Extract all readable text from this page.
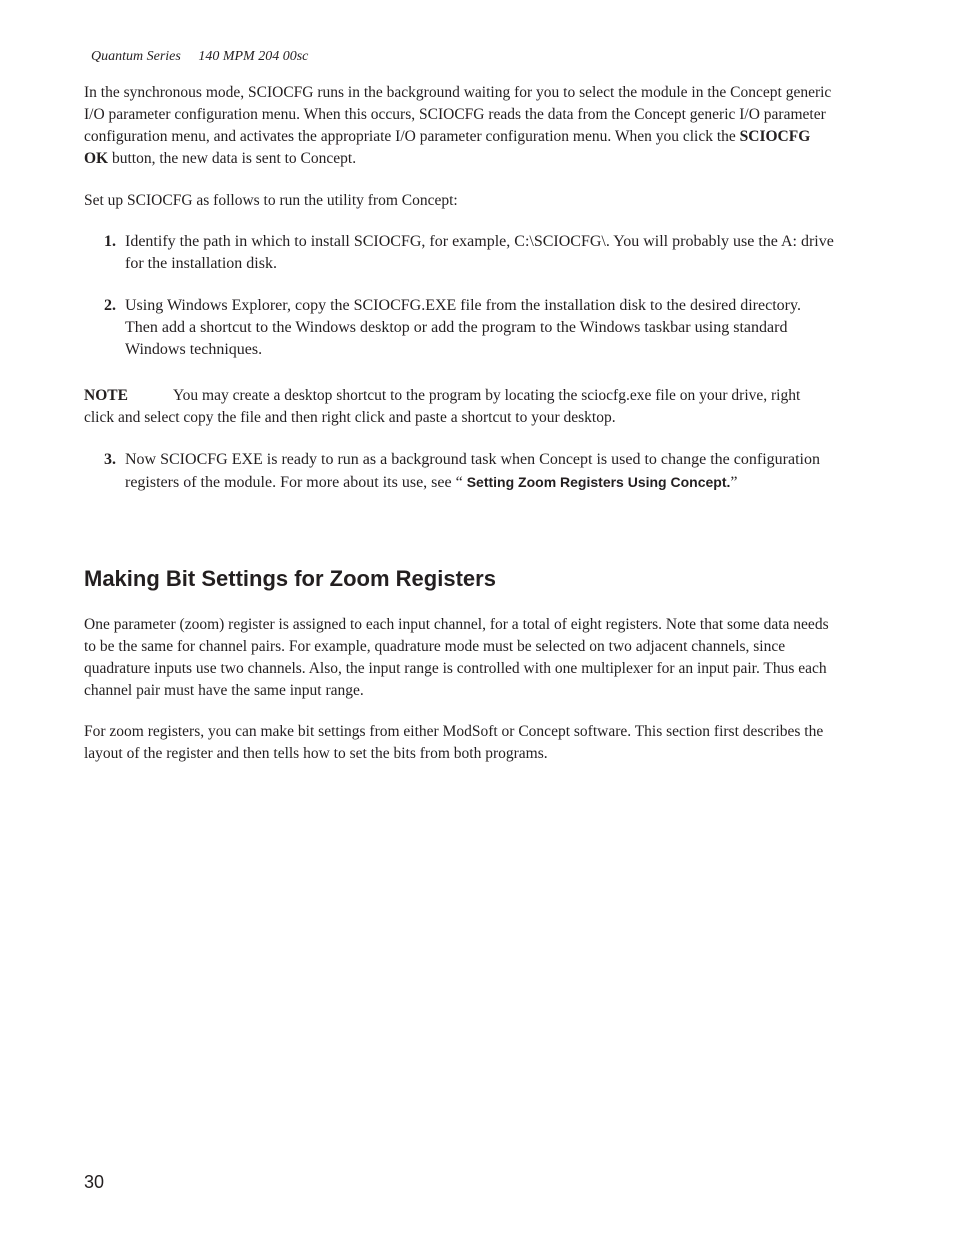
Quantum Series 140 MPM 204 00sc

In the synchronous mode, SCIOCFG runs in the background waiting for you to select the module in the Concept generic I/O parameter configuration menu. When this occurs, SCIOCFG reads the data from the Concept generic I/O parameter configuration menu, and activates the appropriate I/O parameter configuration menu. When you click the SCIOCFG OK button, the new data is sent to Concept.

Set up SCIOCFG as follows to run the utility from Concept:

1. Identify the path in which to install SCIOCFG, for example, C:\SCIOCFG\. You will probably use the A: drive for the installation disk.
2. Using Windows Explorer, copy the SCIOCFG.EXE file from the installation disk to the desired directory. Then add a shortcut to the Windows desktop or add the program to the Windows taskbar using standard Windows techniques.

NOTE	You may create a desktop shortcut to the program by locating the sciocfg.exe file on your drive, right click and select copy the file and then right click and paste a shortcut to your desktop.

3. Now SCIOCFG EXE is ready to run as a background task when Concept is used to change the configuration registers of the module. For more about its use, see “ Setting Zoom Registers Using Concept.”
Making Bit Settings for Zoom Registers

One parameter (zoom) register is assigned to each input channel, for a total of eight registers. Note that some data needs to be the same for channel pairs. For example, quadrature mode must be selected on two adjacent channels, since quadrature inputs use two channels. Also, the input range is controlled with one multiplexer for an input pair. Thus each channel pair must have the same input range.

For zoom registers, you can make bit settings from either ModSoft or Concept software. This section first describes the layout of the register and then tells how to set the bits from both programs.

30
